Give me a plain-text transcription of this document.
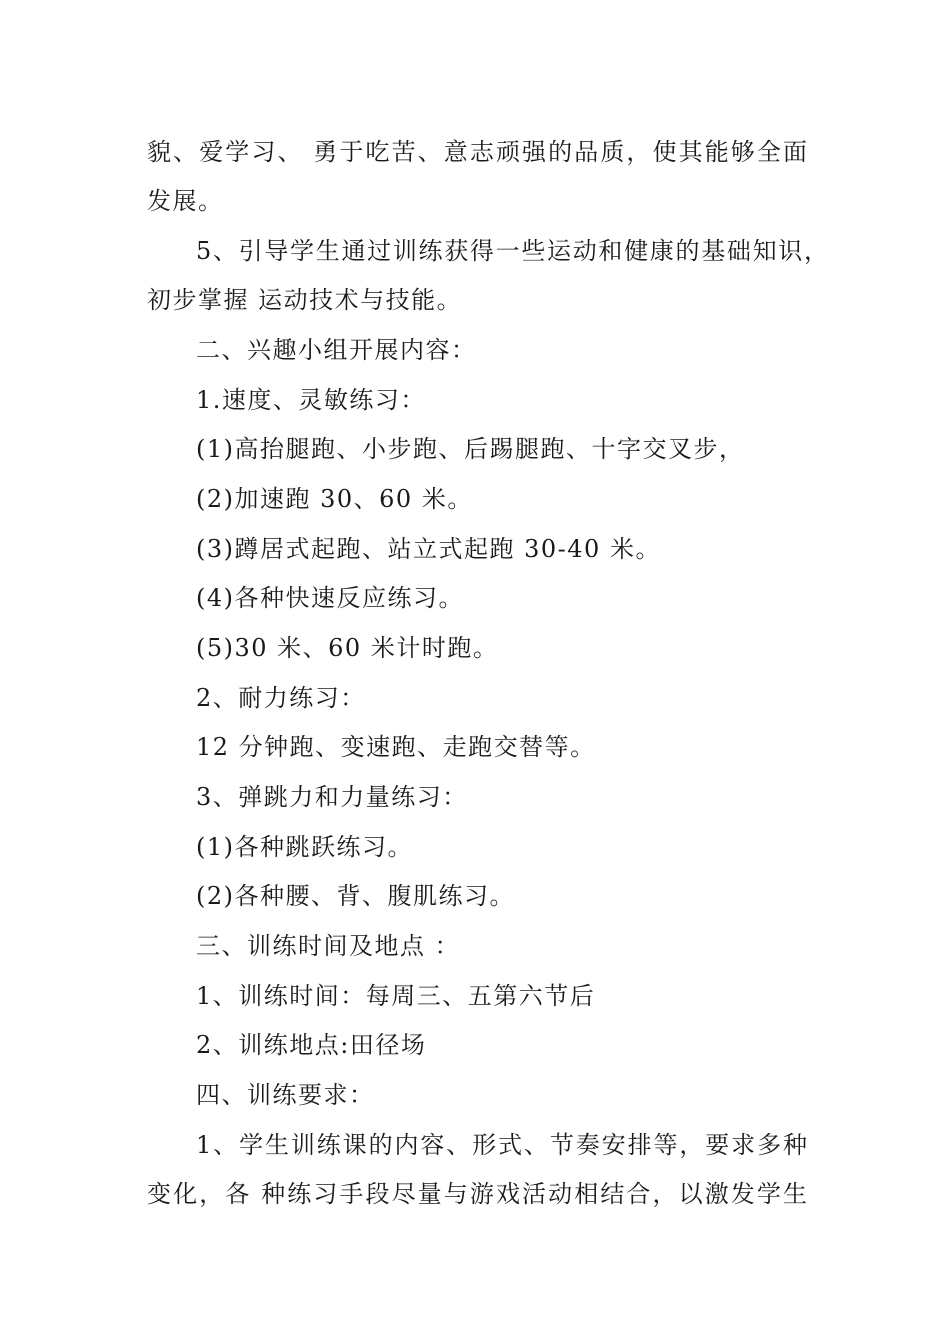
貌、爱学习、 勇于吃苦、意志顽强的品质，使其能够全面
发展。
5、引导学生通过训练获得一些运动和健康的基础知识，
初步掌握 运动技术与技能。
二、兴趣小组开展内容：
1.速度、灵敏练习：
(1)高抬腿跑、小步跑、后踢腿跑、十字交叉步，
(2)加速跑 30、60 米。
(3)蹲居式起跑、站立式起跑 30-40 米。
(4)各种快速反应练习。
(5)30 米、60 米计时跑。
2、耐力练习：
12 分钟跑、变速跑、走跑交替等。
3、弹跳力和力量练习：
(1)各种跳跃练习。
(2)各种腰、背、腹肌练习。
三、训练时间及地点 ：
1、训练时间：每周三、五第六节后
2、训练地点:田径场
四、训练要求：
1、学生训练课的内容、形式、节奏安排等，要求多种
变化，各 种练习手段尽量与游戏活动相结合，以激发学生
